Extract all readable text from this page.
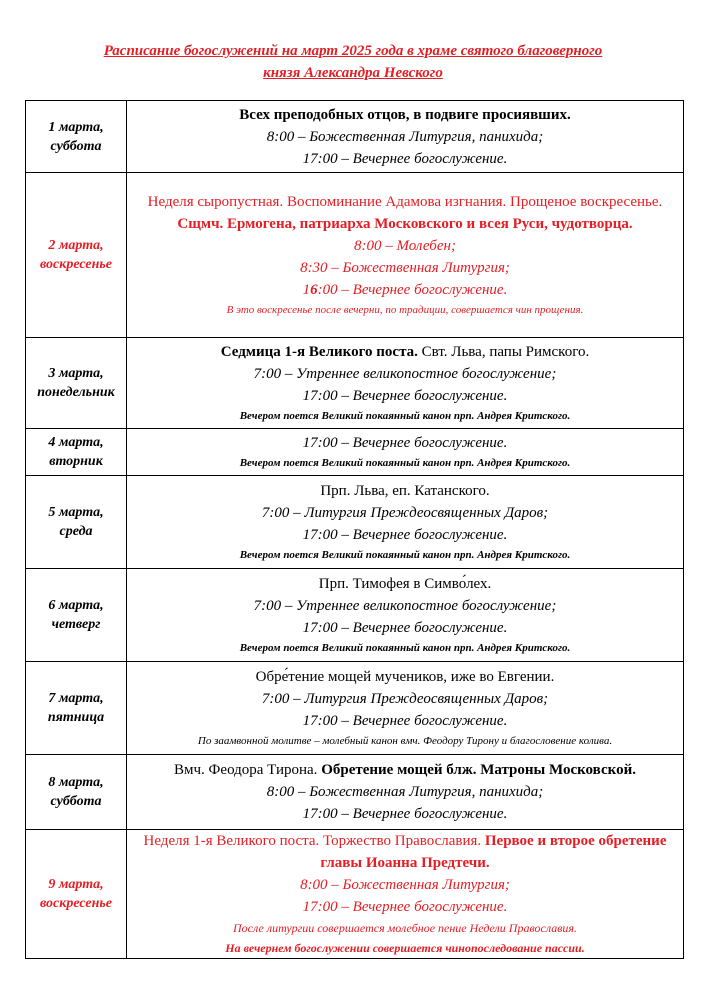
Расписание богослужений на март 2025 года в храме святого благоверного
князя Александра Невского
1 марта,
суббота	Всех преподобных отцов, в подвиге просиявших.
8:00 – Божественная Литургия, панихида;
17:00 – Вечернее богослужение.

2 марта,
воскресенье	Неделя сыропустная. Воспоминание Адамова изгнания. Прощеное воскресенье. Сщмч. Ермогена, патриарха Московского и всея Руси, чудотворца.
8:00 – Молебен;
8:30 – Божественная Литургия;
16:00 – Вечернее богослужение.
В это воскресенье после вечерни, по традиции, совершается чин прощения.

3 марта,
понедельник	Седмица 1-я Великого поста. Свт. Льва, папы Римского.
7:00 – Утреннее великопостное богослужение;
17:00 – Вечернее богослужение.
Вечером поется Великий покаянный канон прп. Андрея Критского.

4 марта,
вторник	17:00 – Вечернее богослужение.
Вечером поется Великий покаянный канон прп. Андрея Критского.

5 марта,
среда	Прп. Льва, еп. Катанского.
7:00 – Литургия Преждеосвященных Даров;
17:00 – Вечернее богослужение.
Вечером поется Великий покаянный канон прп. Андрея Критского.

6 марта,
четверг	Прп. Тимофея в Симво́лех.
7:00 – Утреннее великопостное богослужение;
17:00 – Вечернее богослужение.
Вечером поется Великий покаянный канон прп. Андрея Критского.

7 марта,
пятница	Обре́тение мощей мучеников, иже во Евгении.
7:00 – Литургия Преждеосвященных Даров;
17:00 – Вечернее богослужение.
По заамвонной молитве – молебный канон вмч. Феодору Тирону и благословение колива.

8 марта,
суббота	Вмч. Феодора Тирона. Обретение мощей блж. Матроны Московской.
8:00 – Божественная Литургия, панихида;
17:00 – Вечернее богослужение.

9 марта,
воскресенье	Неделя 1-я Великого поста. Торжество Православия. Первое и второе обретение главы Иоанна Предтечи.
8:00 – Божественная Литургия;
17:00 – Вечернее богослужение.
После литургии совершается молебное пение Недели Православия.
На вечернем богослужении совершается чинопоследование пассии.
